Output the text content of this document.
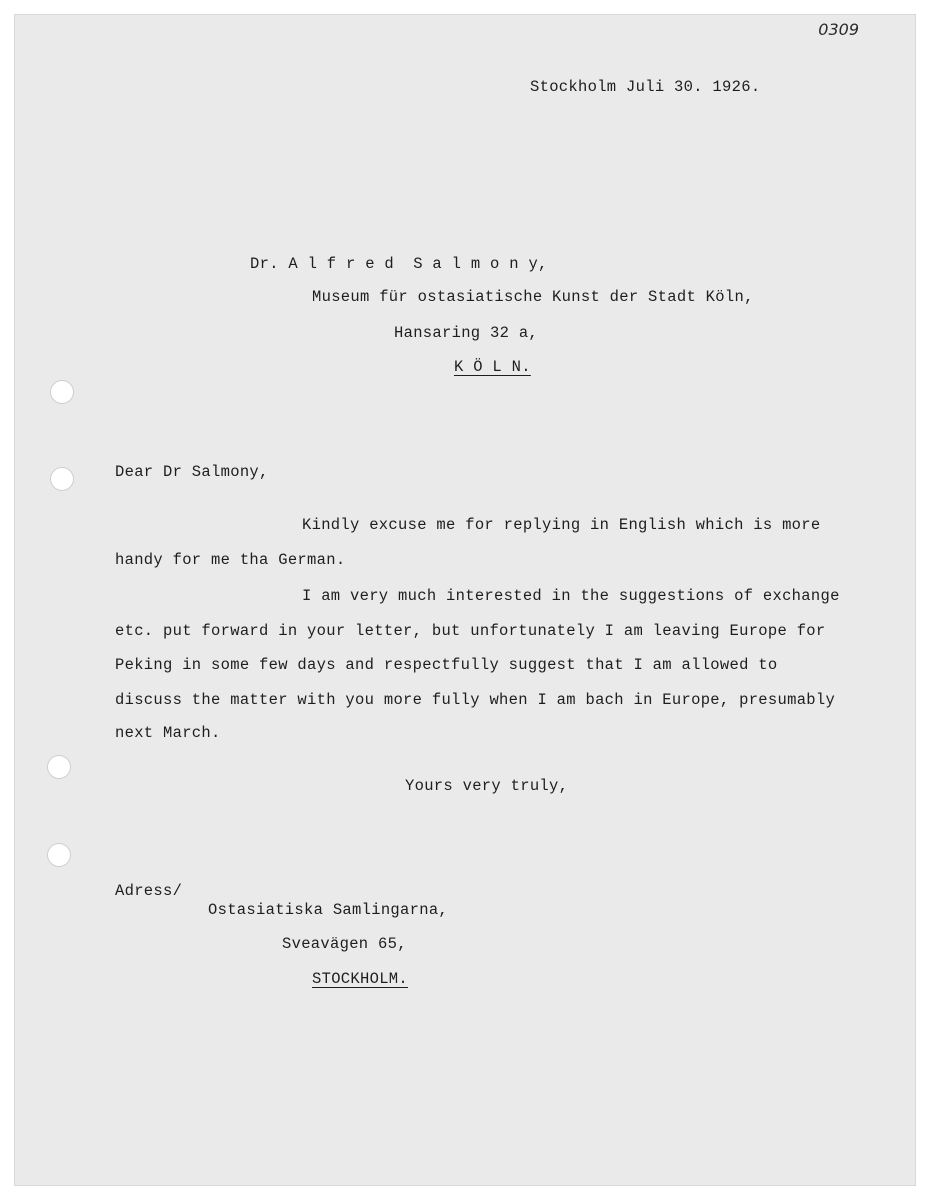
0309
Stockholm Juli 30. 1926.
Dr. A l f r e d  S a l m o n y,
Museum für ostasiatische Kunst der Stadt Köln,
Hansaring 32 a,
K Ö L N.
Dear Dr Salmony,
Kindly excuse me for replying in English which is more
handy for me tha German.
I am very much interested in the suggestions of exchange
etc. put forward in your letter, but unfortunately I am leaving Europe for
Peking in some few days and respectfully suggest that I am allowed to
discuss the matter with you more fully when I am bach in Europe, presumably
next March.
Yours very truly,
Adress/
Ostasiatiska Samlingarna,
Sveavägen 65,
STOCKHOLM.
